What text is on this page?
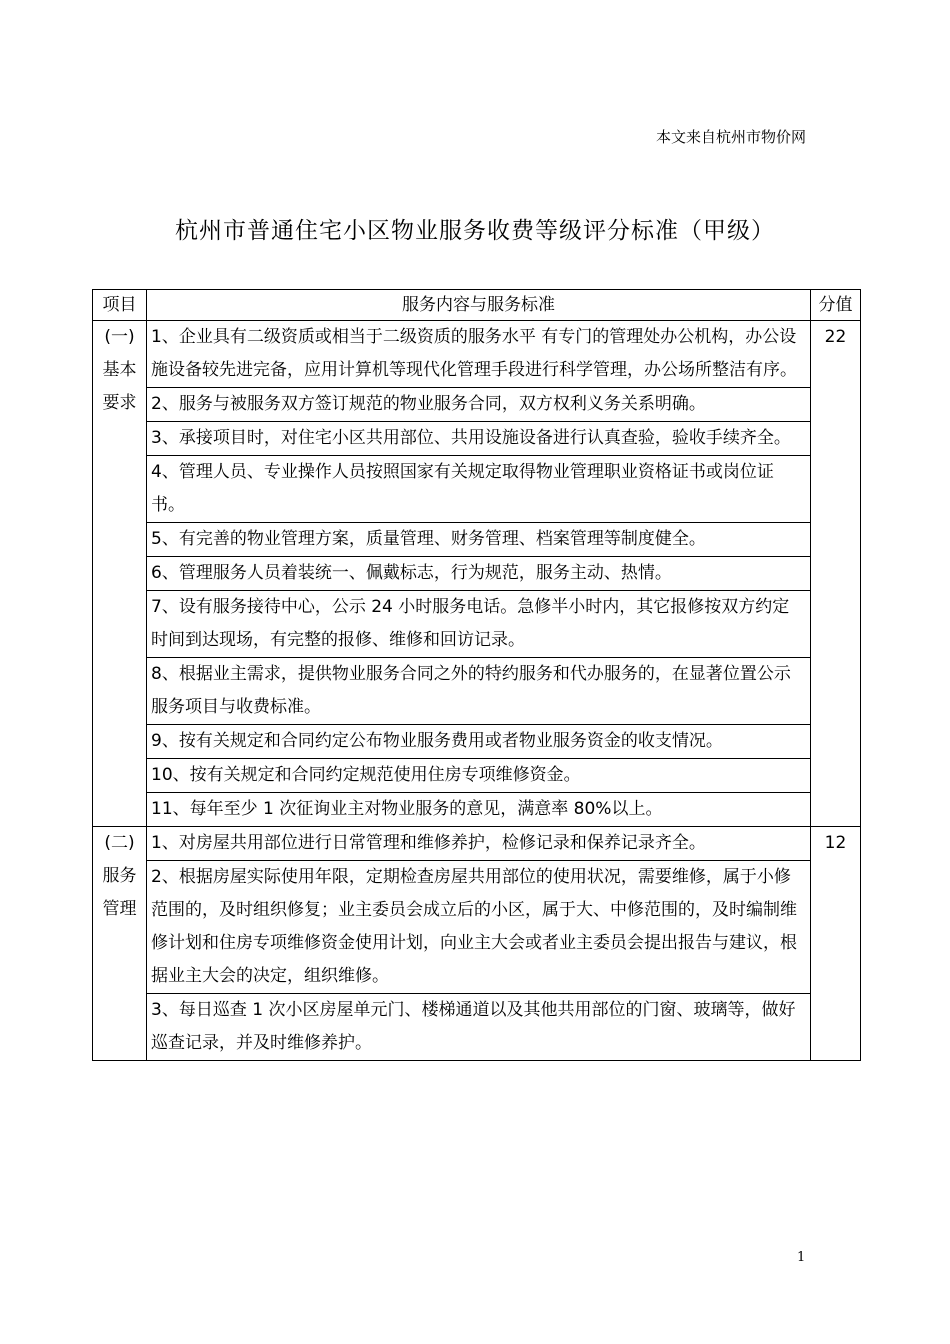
本文来自杭州市物价网
杭州市普通住宅小区物业服务收费等级评分标准（甲级）
项目	服务内容与服务标准	分值
(一)
基本
要求	1、企业具有二级资质或相当于二级资质的服务水平 有专门的管理处办公机构，办公设施设备较先进完备，应用计算机等现代化管理手段进行科学管理，办公场所整洁有序。	22
	2、服务与被服务双方签订规范的物业服务合同，双方权利义务关系明确。	
	3、承接项目时，对住宅小区共用部位、共用设施设备进行认真查验，验收手续齐全。	
	4、管理人员、专业操作人员按照国家有关规定取得物业管理职业资格证书或岗位证书。	
	5、有完善的物业管理方案，质量管理、财务管理、档案管理等制度健全。	
	6、管理服务人员着装统一、佩戴标志，行为规范，服务主动、热情。	
	7、设有服务接待中心，公示 24 小时服务电话。急修半小时内，其它报修按双方约定时间到达现场，有完整的报修、维修和回访记录。	
	8、根据业主需求，提供物业服务合同之外的特约服务和代办服务的，在显著位置公示服务项目与收费标准。	
	9、按有关规定和合同约定公布物业服务费用或者物业服务资金的收支情况。	
	10、按有关规定和合同约定规范使用住房专项维修资金。	
	11、每年至少 1 次征询业主对物业服务的意见，满意率 80%以上。	
(二)
服务
管理	1、对房屋共用部位进行日常管理和维修养护，检修记录和保养记录齐全。	12
	2、根据房屋实际使用年限，定期检查房屋共用部位的使用状况，需要维修，属于小修范围的，及时组织修复；业主委员会成立后的小区，属于大、中修范围的，及时编制维修计划和住房专项维修资金使用计划，向业主大会或者业主委员会提出报告与建议，根据业主大会的决定，组织维修。	
	3、每日巡查 1 次小区房屋单元门、楼梯通道以及其他共用部位的门窗、玻璃等，做好巡查记录，并及时维修养护。	
1
